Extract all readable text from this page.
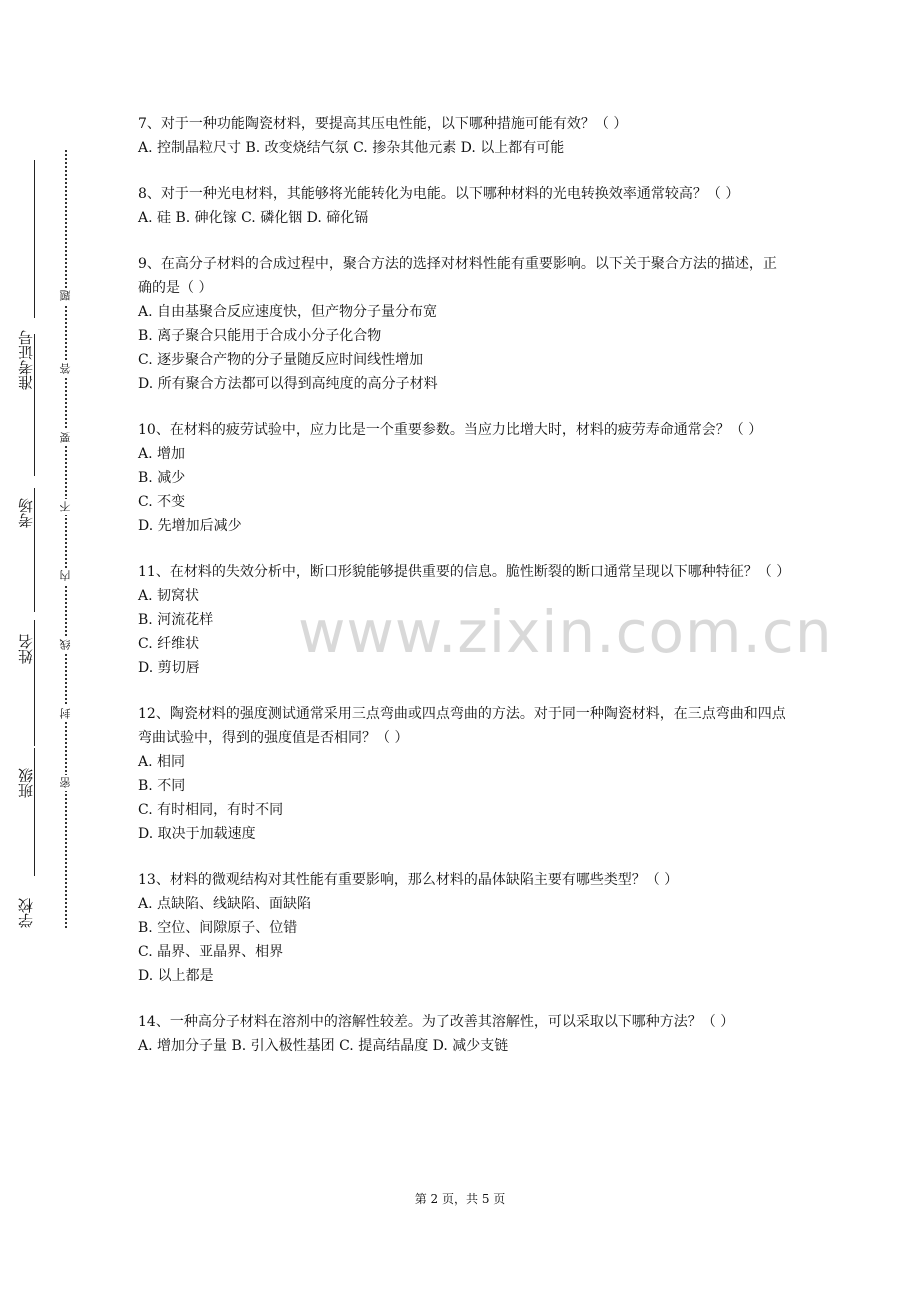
学校
班级
姓名
考场
准考证号
密
封
线
内
不
要
答
题
www.zixin.com.cn

7、对于一种功能陶瓷材料，要提高其压电性能，以下哪种措施可能有效？（ ）

A. 控制晶粒尺寸 B. 改变烧结气氛 C. 掺杂其他元素 D. 以上都有可能

8、对于一种光电材料，其能够将光能转化为电能。以下哪种材料的光电转换效率通常较高？（ ）

A. 硅 B. 砷化镓 C. 磷化铟 D. 碲化镉

9、在高分子材料的合成过程中，聚合方法的选择对材料性能有重要影响。以下关于聚合方法的描述，正确的是（ ）

A. 自由基聚合反应速度快，但产物分子量分布宽

B. 离子聚合只能用于合成小分子化合物

C. 逐步聚合产物的分子量随反应时间线性增加

D. 所有聚合方法都可以得到高纯度的高分子材料

10、在材料的疲劳试验中，应力比是一个重要参数。当应力比增大时，材料的疲劳寿命通常会？（ ）

A. 增加

B. 减少

C. 不变

D. 先增加后减少

11、在材料的失效分析中，断口形貌能够提供重要的信息。脆性断裂的断口通常呈现以下哪种特征？（ ）

A. 韧窝状

B. 河流花样

C. 纤维状

D. 剪切唇

12、陶瓷材料的强度测试通常采用三点弯曲或四点弯曲的方法。对于同一种陶瓷材料，在三点弯曲和四点弯曲试验中，得到的强度值是否相同？（ ）

A. 相同

B. 不同

C. 有时相同，有时不同

D. 取决于加载速度

13、材料的微观结构对其性能有重要影响，那么材料的晶体缺陷主要有哪些类型？（ ）

A. 点缺陷、线缺陷、面缺陷

B. 空位、间隙原子、位错

C. 晶界、亚晶界、相界

D. 以上都是

14、一种高分子材料在溶剂中的溶解性较差。为了改善其溶解性，可以采取以下哪种方法？（ ）

A. 增加分子量 B. 引入极性基团 C. 提高结晶度 D. 减少支链

第 2 页，共 5 页
